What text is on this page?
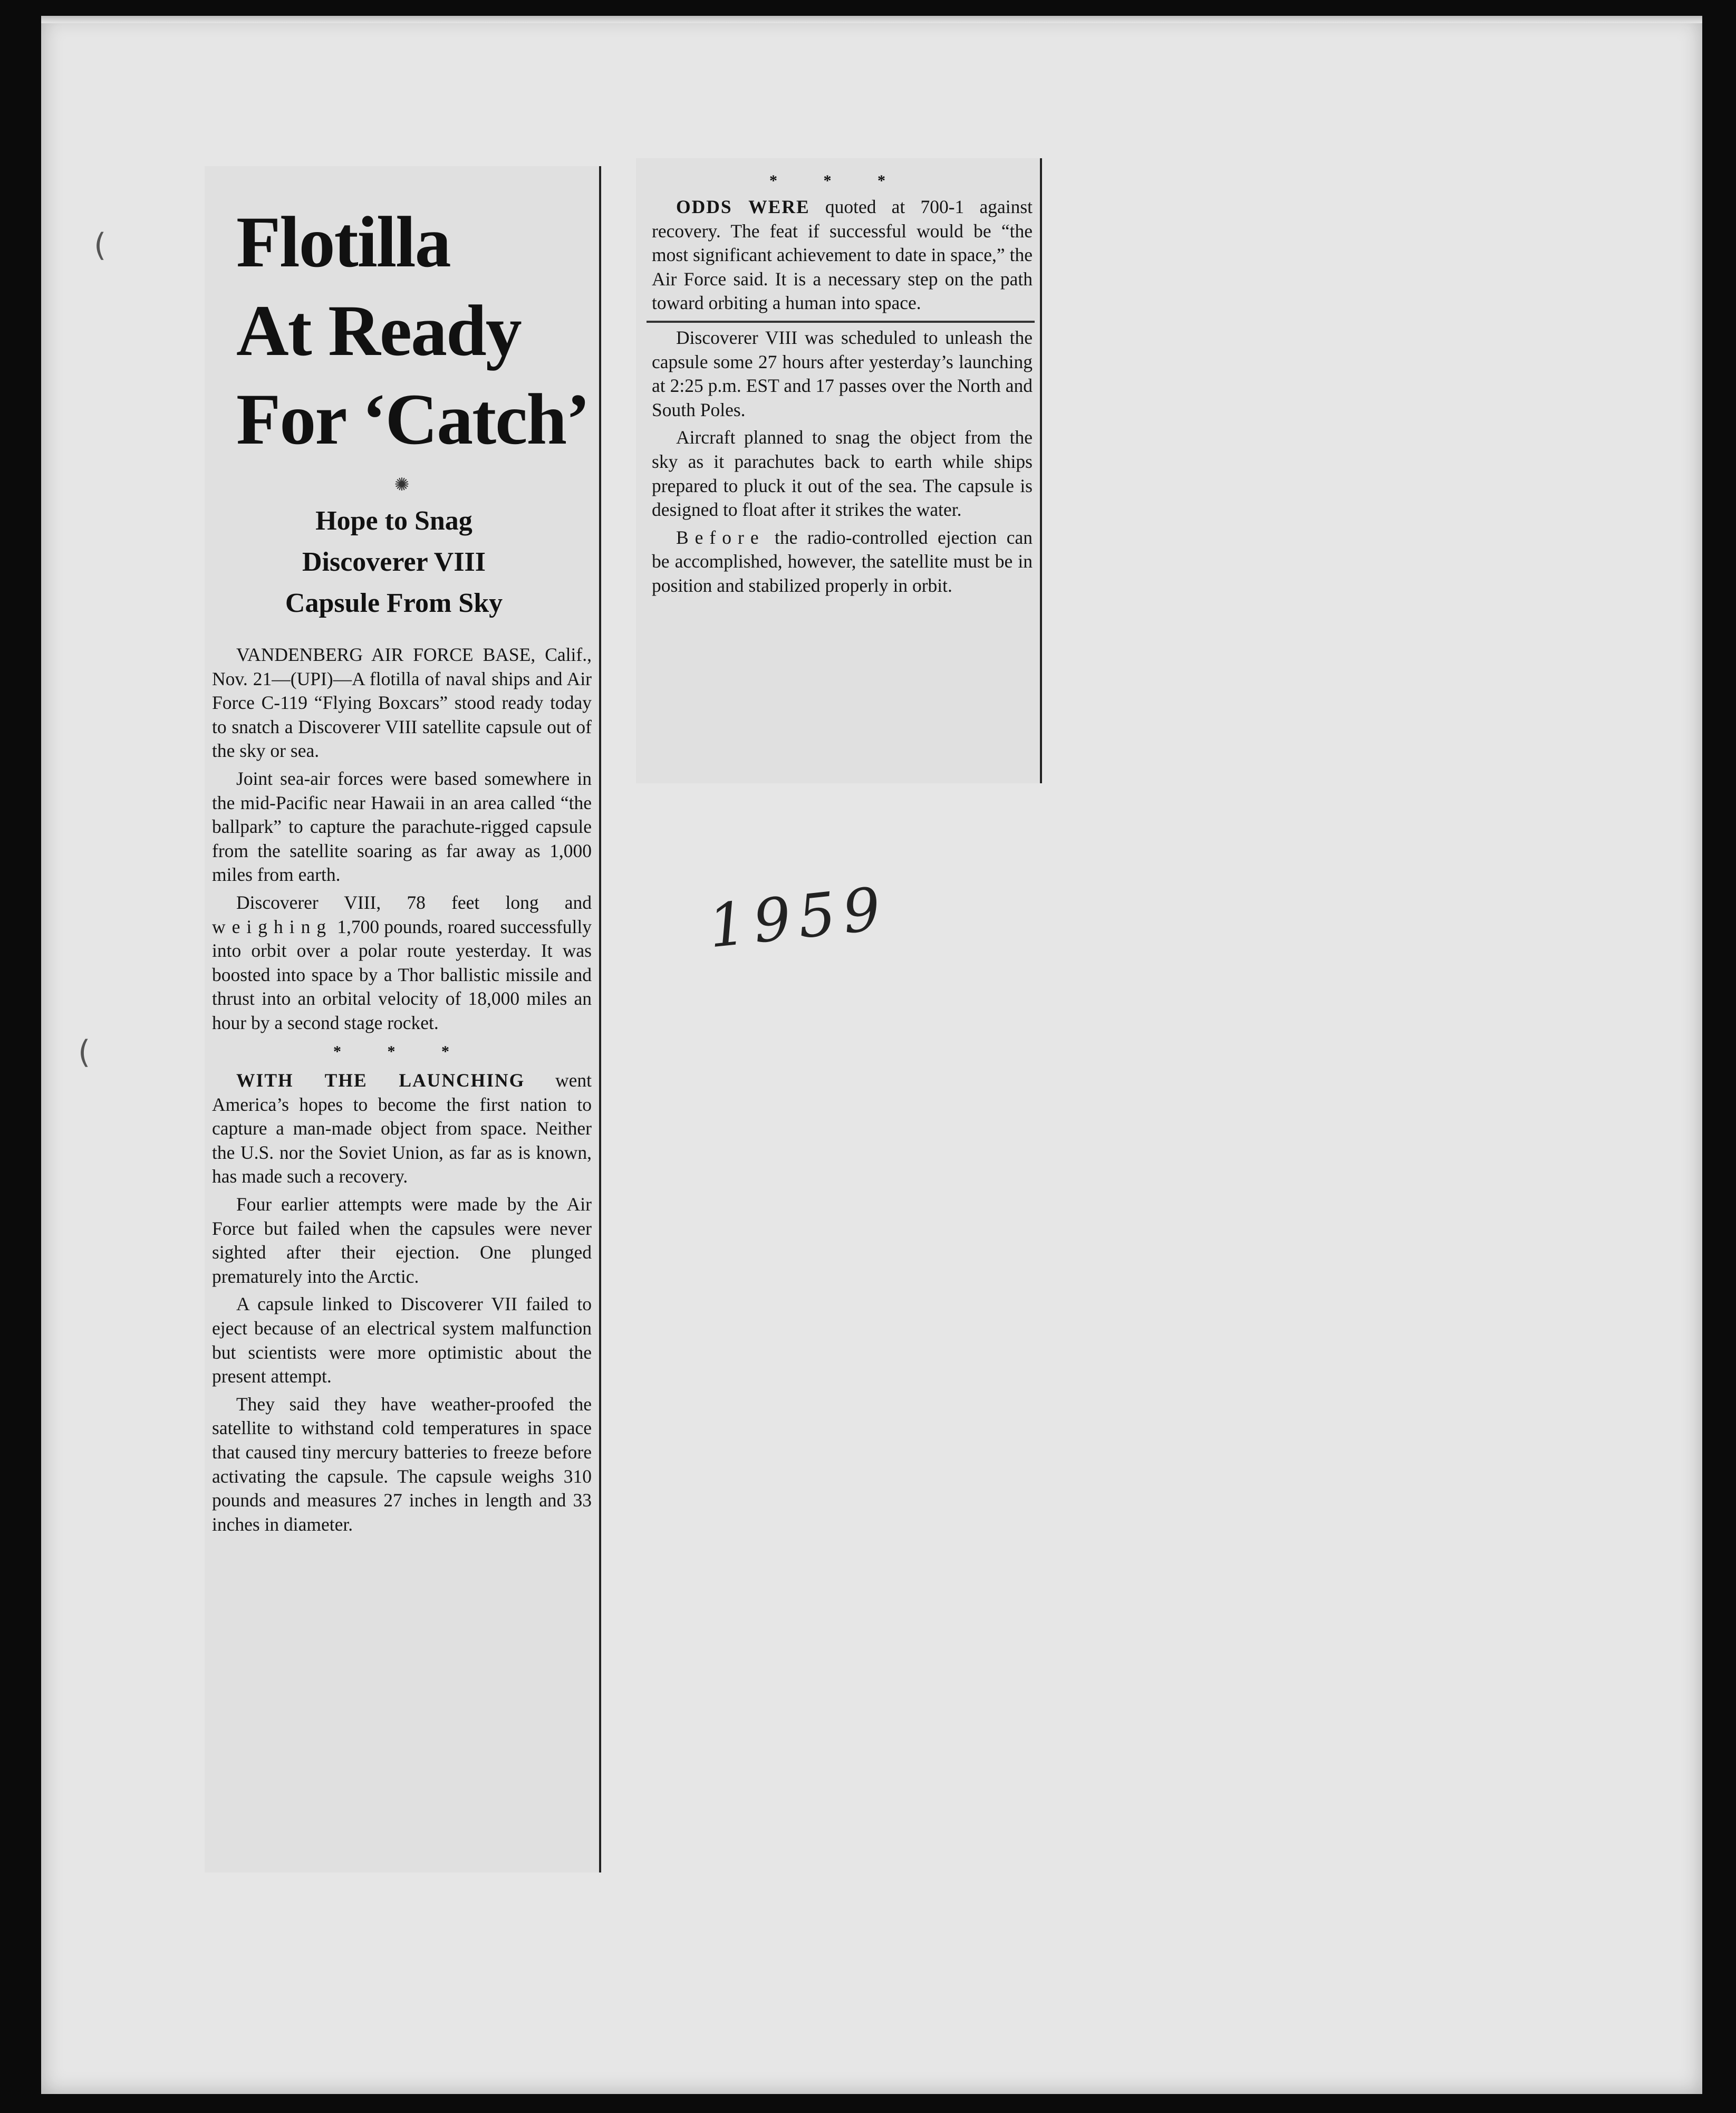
(
(
Flotilla
At Ready
For ‘Catch’
✺
Hope to Snag
Discoverer VIII
Capsule From Sky

VANDENBERG AIR FORCE BASE, Calif., Nov. 21—(UPI)—A flotilla of naval ships and Air Force C-119 “Flying Boxcars” stood ready today to snatch a Discoverer VIII satellite capsule out of the sky or sea.

Joint sea-air forces were based somewhere in the mid-Pacific near Hawaii in an area called “the ballpark” to capture the parachute-rigged capsule from the satellite soaring as far away as 1,000 miles from earth.

Discoverer VIII, 78 feet long and weighing 1,700 pounds, roared successfully into orbit over a polar route yesterday. It was boosted into space by a Thor ballistic missile and thrust into an orbital velocity of 18,000 miles an hour by a second stage rocket.

* * *

WITH THE LAUNCHING went America’s hopes to become the first nation to capture a man-made object from space. Neither the U.S. nor the Soviet Union, as far as is known, has made such a recovery.

Four earlier attempts were made by the Air Force but failed when the capsules were never sighted after their ejection. One plunged prematurely into the Arctic.

A capsule linked to Discoverer VII failed to eject because of an electrical system malfunction but scientists were more optimistic about the present attempt.

They said they have weather-proofed the satellite to withstand cold temperatures in space that caused tiny mercury batteries to freeze before activating the capsule. The capsule weighs 310 pounds and measures 27 inches in length and 33 inches in diameter.

* * *

ODDS WERE quoted at 700-1 against recovery. The feat if successful would be “the most significant achievement to date in space,” the Air Force said. It is a necessary step on the path toward orbiting a human into space.

Discoverer VIII was scheduled to unleash the capsule some 27 hours after yesterday’s launching at 2:25 p.m. EST and 17 passes over the North and South Poles.

Aircraft planned to snag the object from the sky as it parachutes back to earth while ships prepared to pluck it out of the sea. The capsule is designed to float after it strikes the water.

Before the radio-controlled ejection can be accomplished, however, the satellite must be in position and stabilized properly in orbit.

1959
